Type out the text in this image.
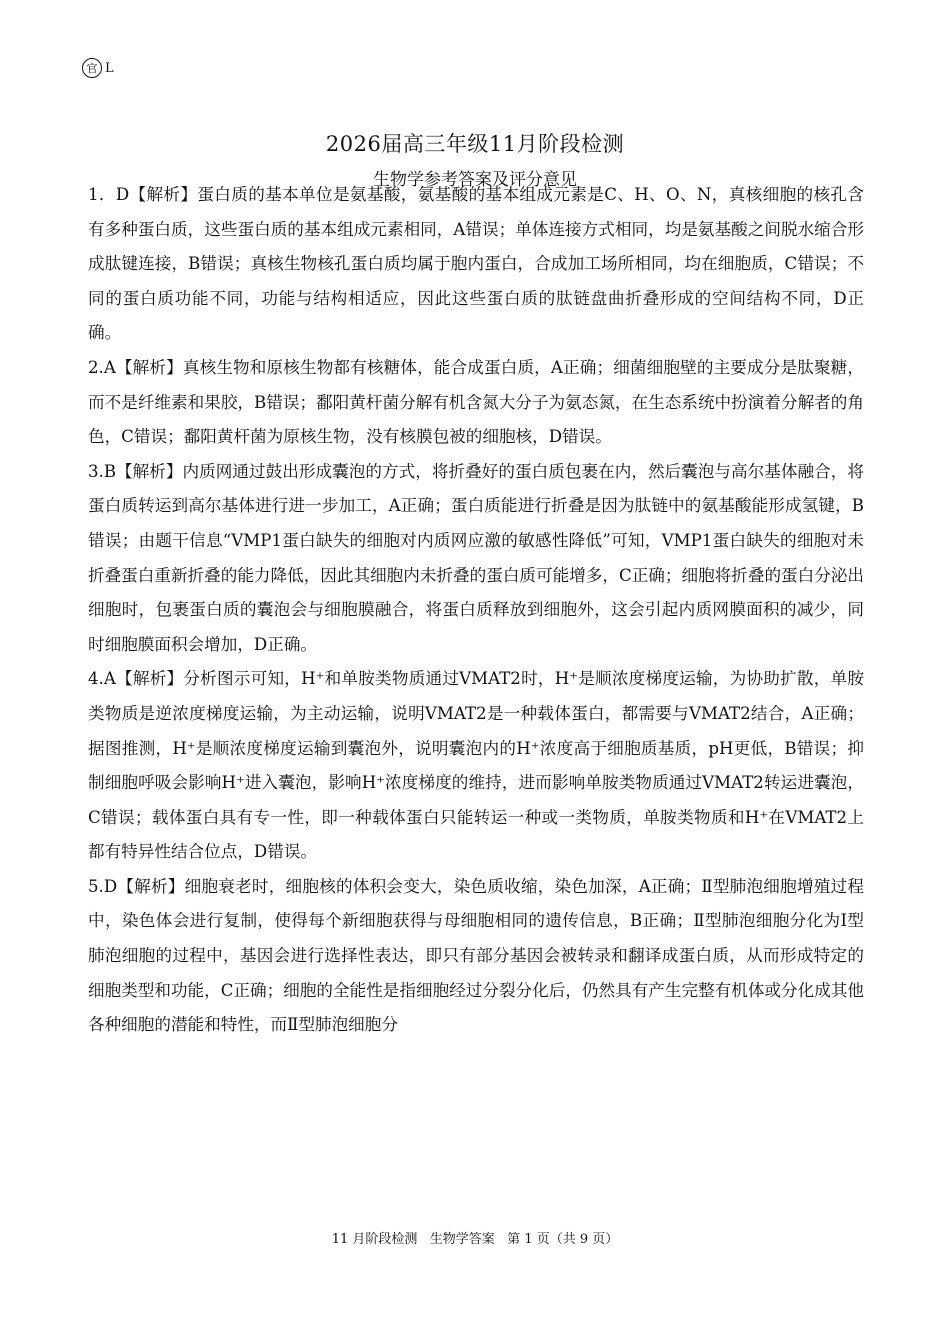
官 L
2026届高三年级11月阶段检测
生物学参考答案及评分意见

1．D【解析】蛋白质的基本单位是氨基酸，氨基酸的基本组成元素是C、H、O、N，真核细胞的核孔含有多种蛋白质，这些蛋白质的基本组成元素相同，A错误；单体连接方式相同，均是氨基酸之间脱水缩合形成肽键连接，B错误；真核生物核孔蛋白质均属于胞内蛋白，合成加工场所相同，均在细胞质，C错误；不同的蛋白质功能不同，功能与结构相适应，因此这些蛋白质的肽链盘曲折叠形成的空间结构不同，D正确。

2.A【解析】真核生物和原核生物都有核糖体，能合成蛋白质，A正确；细菌细胞壁的主要成分是肽聚糖，而不是纤维素和果胶，B错误；鄱阳黄杆菌分解有机含氮大分子为氨态氮，在生态系统中扮演着分解者的角色，C错误；鄱阳黄杆菌为原核生物，没有核膜包被的细胞核，D错误。

3.B【解析】内质网通过鼓出形成囊泡的方式，将折叠好的蛋白质包裹在内，然后囊泡与高尔基体融合，将蛋白质转运到高尔基体进行进一步加工，A正确；蛋白质能进行折叠是因为肽链中的氨基酸能形成氢键，B错误；由题干信息“VMP1蛋白缺失的细胞对内质网应激的敏感性降低”可知，VMP1蛋白缺失的细胞对未折叠蛋白重新折叠的能力降低，因此其细胞内未折叠的蛋白质可能增多，C正确；细胞将折叠的蛋白分泌出细胞时，包裹蛋白质的囊泡会与细胞膜融合，将蛋白质释放到细胞外，这会引起内质网膜面积的减少，同时细胞膜面积会增加，D正确。

4.A【解析】分析图示可知，H⁺和单胺类物质通过VMAT2时，H⁺是顺浓度梯度运输，为协助扩散，单胺类物质是逆浓度梯度运输，为主动运输，说明VMAT2是一种载体蛋白，都需要与VMAT2结合，A正确；据图推测，H⁺是顺浓度梯度运输到囊泡外，说明囊泡内的H⁺浓度高于细胞质基质，pH更低，B错误；抑制细胞呼吸会影响H⁺进入囊泡，影响H⁺浓度梯度的维持，进而影响单胺类物质通过VMAT2转运进囊泡，C错误；载体蛋白具有专一性，即一种载体蛋白只能转运一种或一类物质，单胺类物质和H⁺在VMAT2上都有特异性结合位点，D错误。

5.D【解析】细胞衰老时，细胞核的体积会变大，染色质收缩，染色加深，A正确；Ⅱ型肺泡细胞增殖过程中，染色体会进行复制，使得每个新细胞获得与母细胞相同的遗传信息，B正确；Ⅱ型肺泡细胞分化为Ⅰ型肺泡细胞的过程中，基因会进行选择性表达，即只有部分基因会被转录和翻译成蛋白质，从而形成特定的细胞类型和功能，C正确；细胞的全能性是指细胞经过分裂分化后，仍然具有产生完整有机体或分化成其他各种细胞的潜能和特性，而Ⅱ型肺泡细胞分

11 月阶段检测   生物学答案   第 1 页（共 9 页）
